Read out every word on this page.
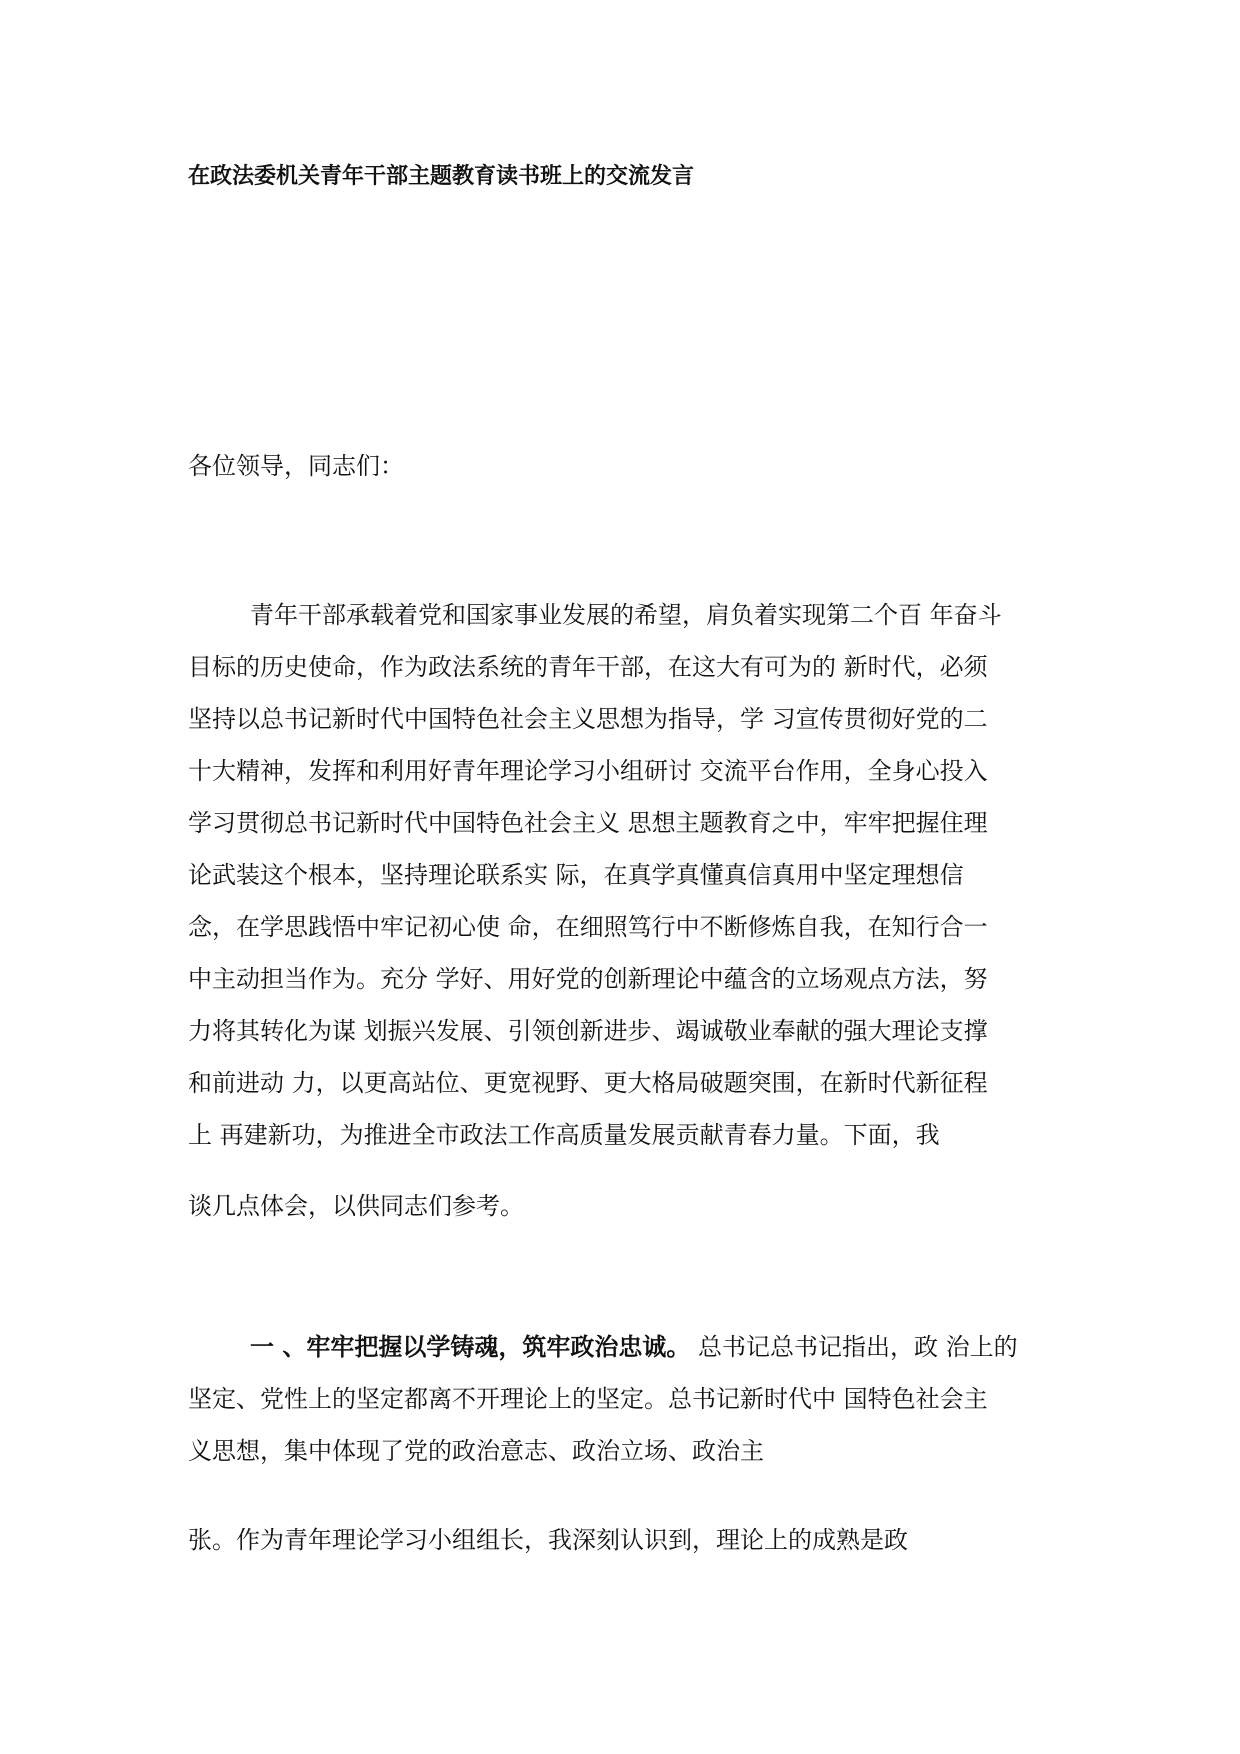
在政法委机关青年干部主题教育读书班上的交流发言
各位领导，同志们：
青年干部承载着党和国家事业发展的希望，肩负着实现第二个百 年奋斗
目标的历史使命，作为政法系统的青年干部，在这大有可为的 新时代，必须
坚持以总书记新时代中国特色社会主义思想为指导，学 习宣传贯彻好党的二
十大精神，发挥和利用好青年理论学习小组研讨 交流平台作用，全身心投入
学习贯彻总书记新时代中国特色社会主义 思想主题教育之中，牢牢把握住理
论武装这个根本，坚持理论联系实 际，在真学真懂真信真用中坚定理想信
念，在学思践悟中牢记初心使 命，在细照笃行中不断修炼自我，在知行合一
中主动担当作为。充分 学好、用好党的创新理论中蕴含的立场观点方法，努
力将其转化为谋 划振兴发展、引领创新进步、竭诚敬业奉献的强大理论支撑
和前进动 力，以更高站位、更宽视野、更大格局破题突围，在新时代新征程
上 再建新功，为推进全市政法工作高质量发展贡献青春力量。下面，我
谈几点体会，以供同志们参考。
一 、牢牢把握以学铸魂，筑牢政治忠诚。 总书记总书记指出，政 治上的
坚定、党性上的坚定都离不开理论上的坚定。总书记新时代中 国特色社会主
义思想，集中体现了党的政治意志、政治立场、政治主
张。作为青年理论学习小组组长，我深刻认识到，理论上的成熟是政
